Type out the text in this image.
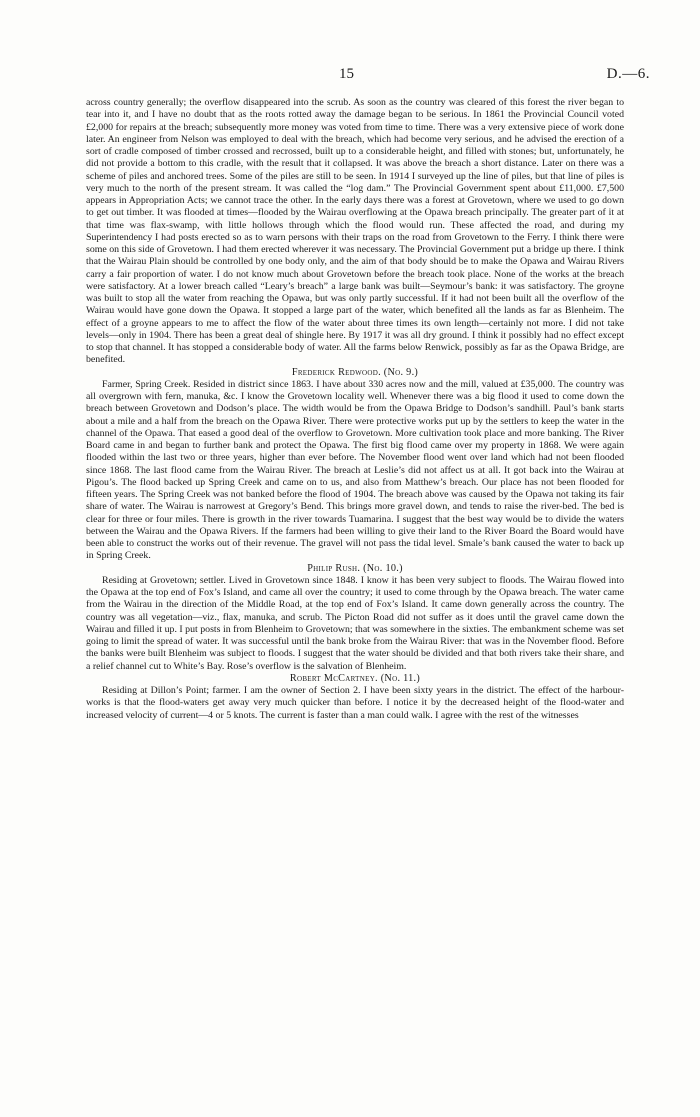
15	D.—6.

across country generally; the overflow disappeared into the scrub. As soon as the country was cleared of this forest the river began to tear into it, and I have no doubt that as the roots rotted away the damage began to be serious. In 1861 the Provincial Council voted £2,000 for repairs at the breach; subsequently more money was voted from time to time. There was a very extensive piece of work done later. An engineer from Nelson was employed to deal with the breach, which had become very serious, and he advised the erection of a sort of cradle composed of timber crossed and recrossed, built up to a considerable height, and filled with stones; but, unfortunately, he did not provide a bottom to this cradle, with the result that it collapsed. It was above the breach a short distance. Later on there was a scheme of piles and anchored trees. Some of the piles are still to be seen. In 1914 I surveyed up the line of piles, but that line of piles is very much to the north of the present stream. It was called the “log dam.” The Provincial Government spent about £11,000. £7,500 appears in Appropriation Acts; we cannot trace the other. In the early days there was a forest at Grovetown, where we used to go down to get out timber. It was flooded at times—flooded by the Wairau overflowing at the Opawa breach principally. The greater part of it at that time was flax-swamp, with little hollows through which the flood would run. These affected the road, and during my Superintendency I had posts erected so as to warn persons with their traps on the road from Grovetown to the Ferry. I think there were some on this side of Grovetown. I had them erected wherever it was necessary. The Provincial Government put a bridge up there. I think that the Wairau Plain should be controlled by one body only, and the aim of that body should be to make the Opawa and Wairau Rivers carry a fair proportion of water. I do not know much about Grovetown before the breach took place. None of the works at the breach were satisfactory. At a lower breach called “Leary’s breach” a large bank was built—Seymour’s bank: it was satisfactory. The groyne was built to stop all the water from reaching the Opawa, but was only partly successful. If it had not been built all the overflow of the Wairau would have gone down the Opawa. It stopped a large part of the water, which benefited all the lands as far as Blenheim. The effect of a groyne appears to me to affect the flow of the water about three times its own length—certainly not more. I did not take levels—only in 1904. There has been a great deal of shingle here. By 1917 it was all dry ground. I think it possibly had no effect except to stop that channel. It has stopped a considerable body of water. All the farms below Renwick, possibly as far as the Opawa Bridge, are benefited.

Frederick Redwood. (No. 9.)

Farmer, Spring Creek. Resided in district since 1863. I have about 330 acres now and the mill, valued at £35,000. The country was all overgrown with fern, manuka, &c. I know the Grovetown locality well. Whenever there was a big flood it used to come down the breach between Grovetown and Dodson’s place. The width would be from the Opawa Bridge to Dodson’s sandhill. Paul’s bank starts about a mile and a half from the breach on the Opawa River. There were protective works put up by the settlers to keep the water in the channel of the Opawa. That eased a good deal of the overflow to Grovetown. More cultivation took place and more banking. The River Board came in and began to further bank and protect the Opawa. The first big flood came over my property in 1868. We were again flooded within the last two or three years, higher than ever before. The November flood went over land which had not been flooded since 1868. The last flood came from the Wairau River. The breach at Leslie’s did not affect us at all. It got back into the Wairau at Pigou’s. The flood backed up Spring Creek and came on to us, and also from Matthew’s breach. Our place has not been flooded for fifteen years. The Spring Creek was not banked before the flood of 1904. The breach above was caused by the Opawa not taking its fair share of water. The Wairau is narrowest at Gregory’s Bend. This brings more gravel down, and tends to raise the river-bed. The bed is clear for three or four miles. There is growth in the river towards Tuamarina. I suggest that the best way would be to divide the waters between the Wairau and the Opawa Rivers. If the farmers had been willing to give their land to the River Board the Board would have been able to construct the works out of their revenue. The gravel will not pass the tidal level. Smale’s bank caused the water to back up in Spring Creek.

Philip Rush. (No. 10.)

Residing at Grovetown; settler. Lived in Grovetown since 1848. I know it has been very subject to floods. The Wairau flowed into the Opawa at the top end of Fox’s Island, and came all over the country; it used to come through by the Opawa breach. The water came from the Wairau in the direction of the Middle Road, at the top end of Fox’s Island. It came down generally across the country. The country was all vegetation—viz., flax, manuka, and scrub. The Picton Road did not suffer as it does until the gravel came down the Wairau and filled it up. I put posts in from Blenheim to Grovetown; that was somewhere in the sixties. The embankment scheme was set going to limit the spread of water. It was successful until the bank broke from the Wairau River: that was in the November flood. Before the banks were built Blenheim was subject to floods. I suggest that the water should be divided and that both rivers take their share, and a relief channel cut to White’s Bay. Rose’s overflow is the salvation of Blenheim.

Robert McCartney. (No. 11.)

Residing at Dillon’s Point; farmer. I am the owner of Section 2. I have been sixty years in the district. The effect of the harbour-works is that the flood-waters get away very much quicker than before. I notice it by the decreased height of the flood-water and increased velocity of current—4 or 5 knots. The current is faster than a man could walk. I agree with the rest of the witnesses
